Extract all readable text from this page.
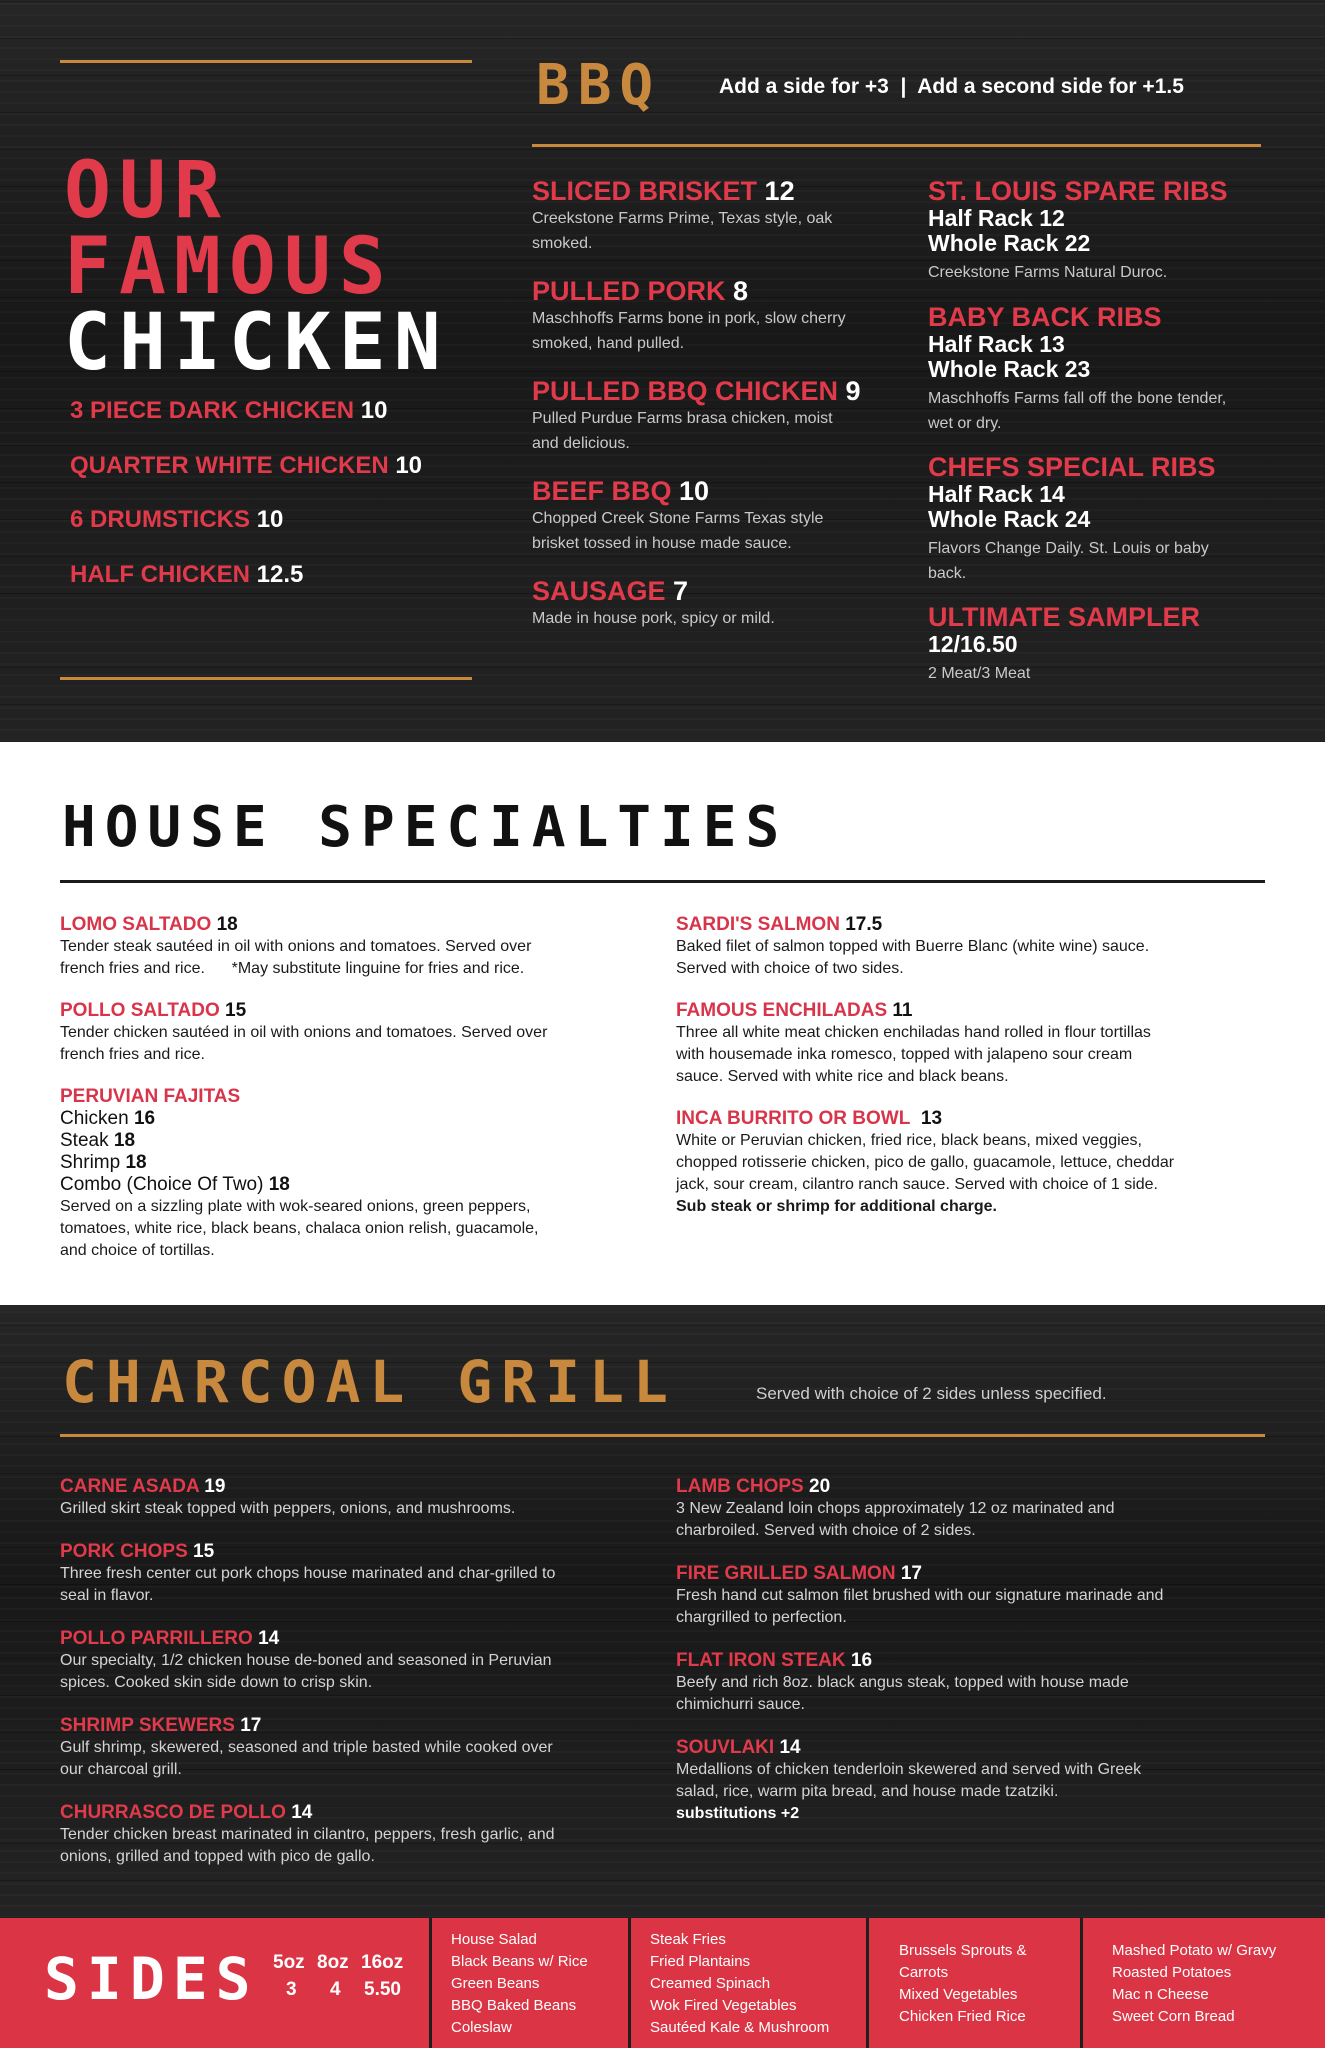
OUR
FAMOUS
CHICKEN
3 PIECE DARK CHICKEN 10
QUARTER WHITE CHICKEN 10
6 DRUMSTICKS 10
HALF CHICKEN 12.5
BBQ	Add a side for +3  |  Add a second side for +1.5
SLICED BRISKET 12
Creekstone Farms Prime, Texas style, oak
smoked.
PULLED PORK 8
Maschhoffs Farms bone in pork, slow cherry
smoked, hand pulled.
PULLED BBQ CHICKEN 9
Pulled Purdue Farms brasa chicken, moist
and delicious.
BEEF BBQ 10
Chopped Creek Stone Farms Texas style
brisket tossed in house made sauce.
SAUSAGE 7
Made in house pork, spicy or mild.
ST. LOUIS SPARE RIBS
Half Rack 12
Whole Rack 22
Creekstone Farms Natural Duroc.
BABY BACK RIBS
Half Rack 13
Whole Rack 23
Maschhoffs Farms fall off the bone tender,
wet or dry.
CHEFS SPECIAL RIBS
Half Rack 14
Whole Rack 24
Flavors Change Daily. St. Louis or baby
back.
ULTIMATE SAMPLER
12/16.50
2 Meat/3 Meat
HOUSE SPECIALTIES
LOMO SALTADO 18
Tender steak sautéed in oil with onions and tomatoes. Served over
french fries and rice.      *May substitute linguine for fries and rice.
POLLO SALTADO 15
Tender chicken sautéed in oil with onions and tomatoes. Served over
french fries and rice.
PERUVIAN FAJITAS
Chicken 16
Steak 18
Shrimp 18
Combo (Choice Of Two) 18
Served on a sizzling plate with wok-seared onions, green peppers,
tomatoes, white rice, black beans, chalaca onion relish, guacamole,
and choice of tortillas.
SARDI'S SALMON 17.5
Baked filet of salmon topped with Buerre Blanc (white wine) sauce.
Served with choice of two sides.
FAMOUS ENCHILADAS 11
Three all white meat chicken enchiladas hand rolled in flour tortillas
with housemade inka romesco, topped with jalapeno sour cream
sauce. Served with white rice and black beans.
INCA BURRITO OR BOWL 13
White or Peruvian chicken, fried rice, black beans, mixed veggies,
chopped rotisserie chicken, pico de gallo, guacamole, lettuce, cheddar
jack, sour cream, cilantro ranch sauce. Served with choice of 1 side.
Sub steak or shrimp for additional charge.
CHARCOAL GRILL	Served with choice of 2 sides unless specified.
CARNE ASADA 19
Grilled skirt steak topped with peppers, onions, and mushrooms.
PORK CHOPS 15
Three fresh center cut pork chops house marinated and char-grilled to
seal in flavor.
POLLO PARRILLERO 14
Our specialty, 1/2 chicken house de-boned and seasoned in Peruvian
spices. Cooked skin side down to crisp skin.
SHRIMP SKEWERS 17
Gulf shrimp, skewered, seasoned and triple basted while cooked over
our charcoal grill.
CHURRASCO DE POLLO 14
Tender chicken breast marinated in cilantro, peppers, fresh garlic, and
onions, grilled and topped with pico de gallo.
LAMB CHOPS 20
3 New Zealand loin chops approximately 12 oz marinated and
charbroiled. Served with choice of 2 sides.
FIRE GRILLED SALMON 17
Fresh hand cut salmon filet brushed with our signature marinade and
chargrilled to perfection.
FLAT IRON STEAK 16
Beefy and rich 8oz. black angus steak, topped with house made
chimichurri sauce.
SOUVLAKI 14
Medallions of chicken tenderloin skewered and served with Greek
salad, rice, warm pita bread, and house made tzatziki.
substitutions +2
SIDES 5oz 8oz 16oz
3 4 5.50
House Salad
Black Beans w/ Rice
Green Beans
BBQ Baked Beans
Coleslaw
Steak Fries
Fried Plantains
Creamed Spinach
Wok Fired Vegetables
Sautéed Kale & Mushroom
Brussels Sprouts &
Carrots
Mixed Vegetables
Chicken Fried Rice
Mashed Potato w/ Gravy
Roasted Potatoes
Mac n Cheese
Sweet Corn Bread
